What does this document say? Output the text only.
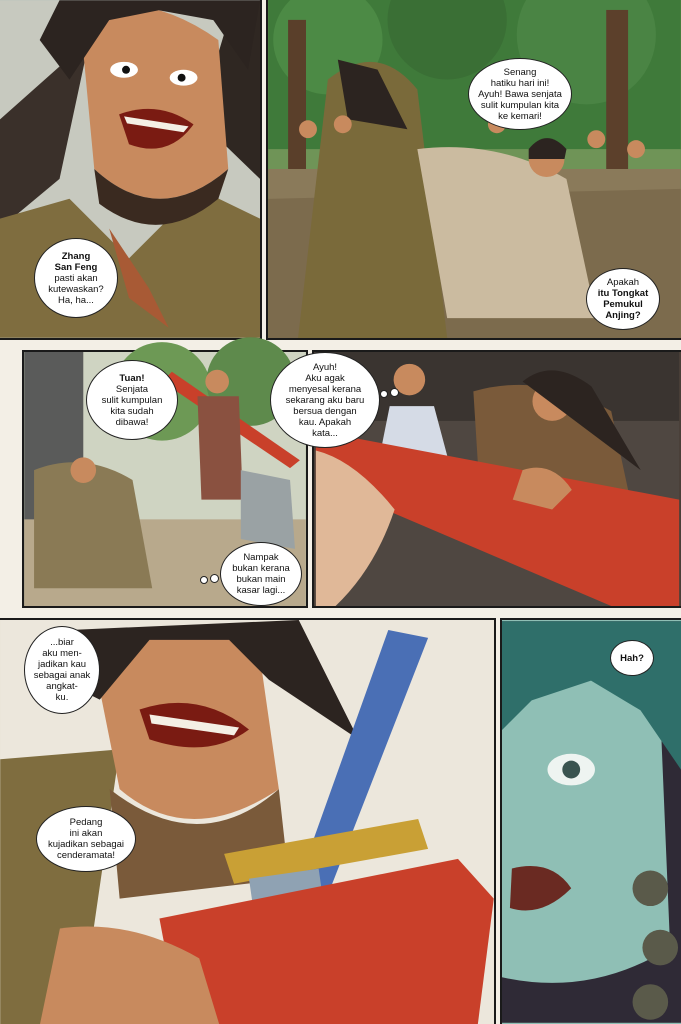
Zhang
San Feng
pasti akan
kutewaskan?
Ha, ha...
Senang
hatiku hari ini!
Ayuh! Bawa senjata
sulit kumpulan kita
ke kemari!
Apakah
itu Tongkat
Pemukul
Anjing?
Tuan!
Senjata
sulit kumpulan
kita sudah
dibawa!
Nampak
bukan kerana
bukan main
kasar lagi...
Ayuh!
Aku agak
menyesal kerana
sekarang aku baru
bersua dengan
kau. Apakah
kata...
...biar
aku men-
jadikan kau
sebagai anak
angkat-
ku.
Pedang
ini akan
kujadikan sebagai
cenderamata!
Hah?
